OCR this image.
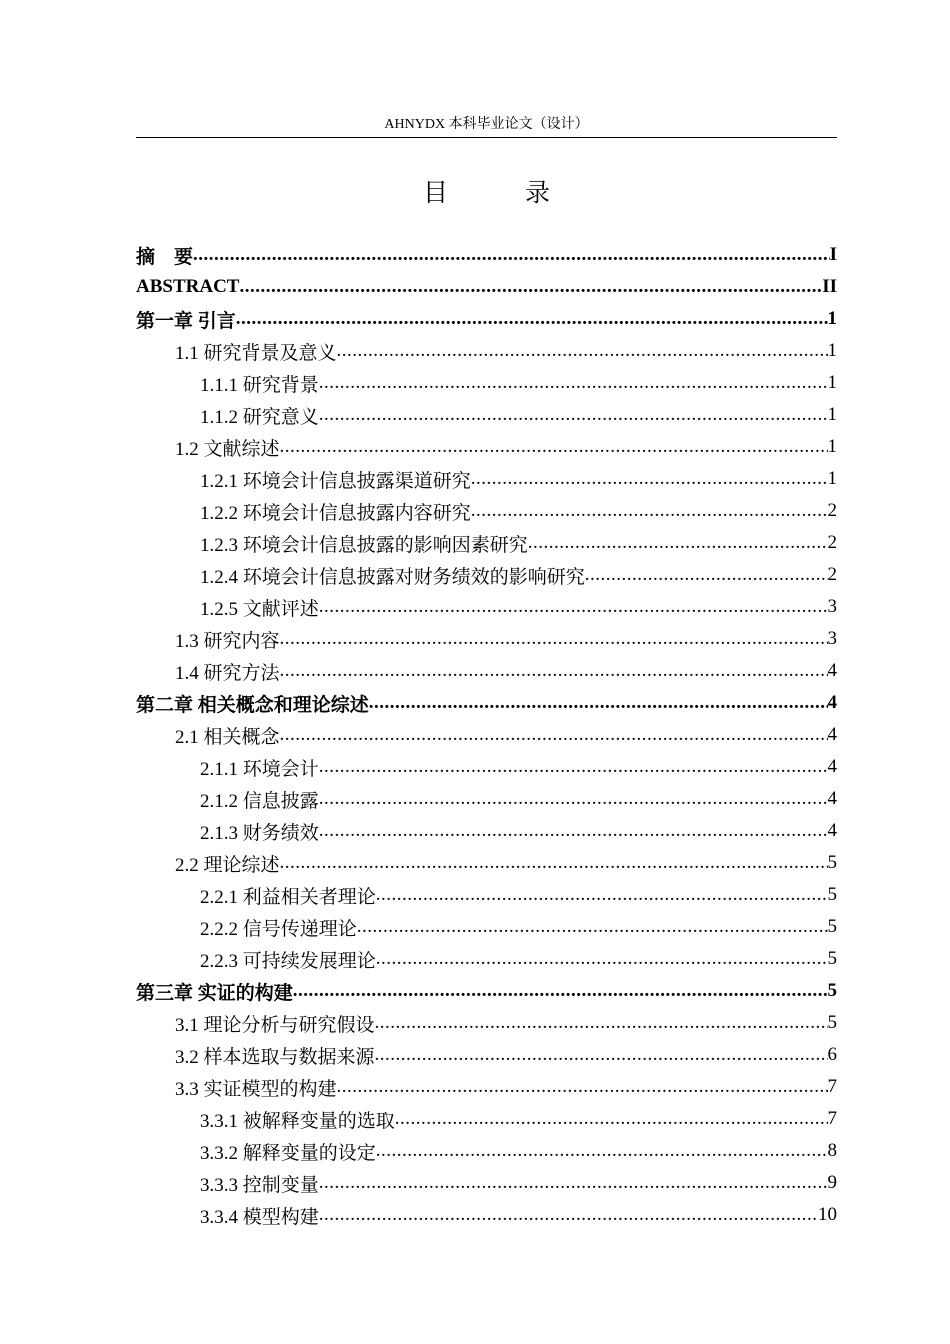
AHNYDX 本科毕业论文（设计）
目　录
摘　要 .....	I
ABSTRACT .....	II
第一章 引言 .....	1
1.1 研究背景及意义 .....	1
1.1.1 研究背景 .....	1
1.1.2 研究意义 .....	1
1.2 文献综述 .....	1
1.2.1 环境会计信息披露渠道研究 .....	1
1.2.2 环境会计信息披露内容研究 .....	2
1.2.3 环境会计信息披露的影响因素研究 .....	2
1.2.4 环境会计信息披露对财务绩效的影响研究 .....	2
1.2.5 文献评述 .....	3
1.3 研究内容 .....	3
1.4 研究方法 .....	4
第二章 相关概念和理论综述 .....	4
2.1 相关概念 .....	4
2.1.1 环境会计 .....	4
2.1.2 信息披露 .....	4
2.1.3 财务绩效 .....	4
2.2 理论综述 .....	5
2.2.1 利益相关者理论 .....	5
2.2.2 信号传递理论 .....	5
2.2.3 可持续发展理论 .....	5
第三章 实证的构建 .....	5
3.1 理论分析与研究假设 .....	5
3.2 样本选取与数据来源 .....	6
3.3 实证模型的构建 .....	7
3.3.1 被解释变量的选取 .....	7
3.3.2 解释变量的设定 .....	8
3.3.3 控制变量 .....	9
3.3.4 模型构建 .....	10
